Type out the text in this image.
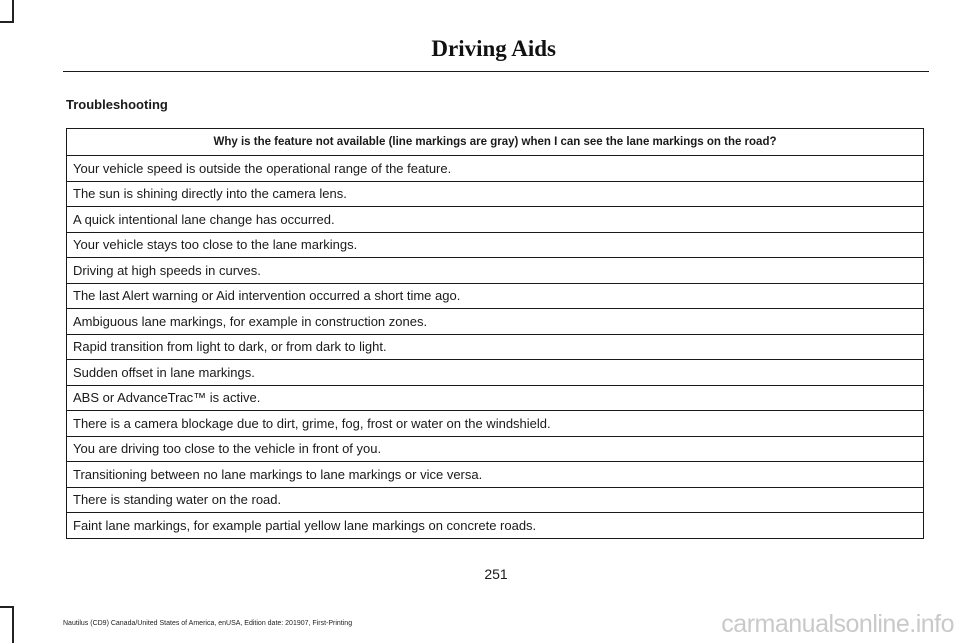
Driving Aids
Troubleshooting
Why is the feature not available (line markings are gray) when I can see the lane markings on the road?
Your vehicle speed is outside the operational range of the feature.
The sun is shining directly into the camera lens.
A quick intentional lane change has occurred.
Your vehicle stays too close to the lane markings.
Driving at high speeds in curves.
The last Alert warning or Aid intervention occurred a short time ago.
Ambiguous lane markings, for example in construction zones.
Rapid transition from light to dark, or from dark to light.
Sudden offset in lane markings.
ABS or AdvanceTrac™ is active.
There is a camera blockage due to dirt, grime, fog, frost or water on the windshield.
You are driving too close to the vehicle in front of you.
Transitioning between no lane markings to lane markings or vice versa.
There is standing water on the road.
Faint lane markings, for example partial yellow lane markings on concrete roads.
251
Nautilus (CD9) Canada/United States of America, enUSA, Edition date: 201907, First-Printing	carmanualsonline.info
